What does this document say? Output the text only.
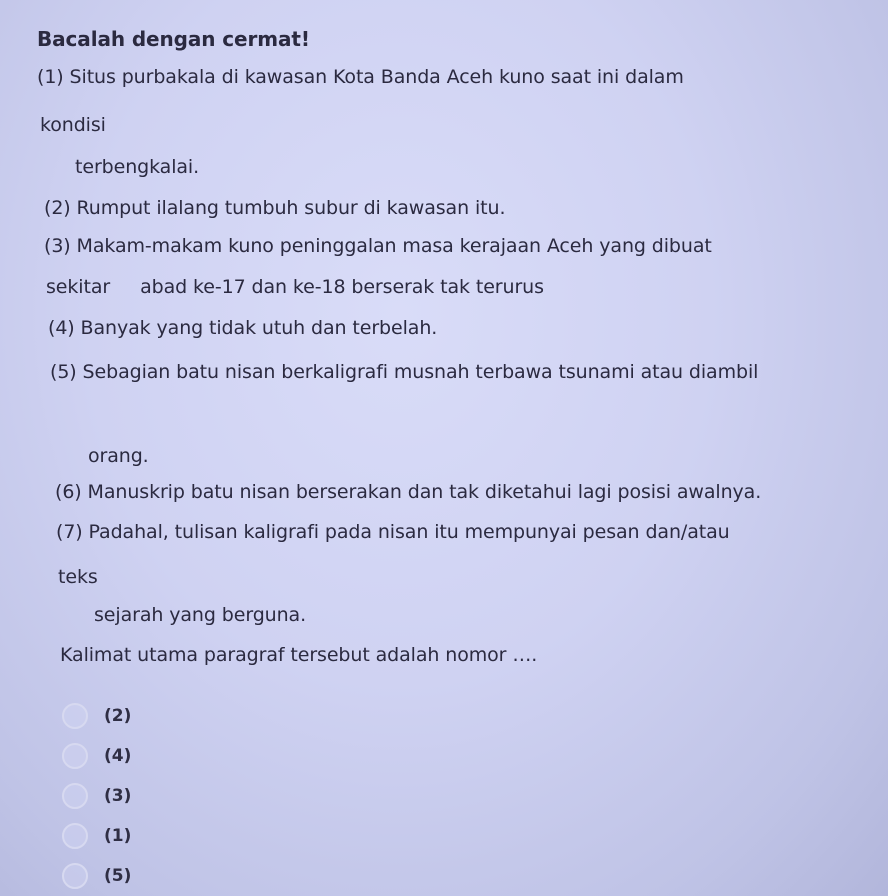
Bacalah dengan cermat!
(1) Situs purbakala di kawasan Kota Banda Aceh kuno saat ini dalam
kondisi
terbengkalai.
(2) Rumput ilalang tumbuh subur di kawasan itu.
(3) Makam-makam kuno peninggalan masa kerajaan Aceh yang dibuat
sekitar abad ke-17 dan ke-18 berserak tak terurus
(4) Banyak yang tidak utuh dan terbelah.
(5) Sebagian batu nisan berkaligrafi musnah terbawa tsunami atau diambil
orang.
(6) Manuskrip batu nisan berserakan dan tak diketahui lagi posisi awalnya.
(7) Padahal, tulisan kaligrafi pada nisan itu mempunyai pesan dan/atau
teks
sejarah yang berguna.
Kalimat utama paragraf tersebut adalah nomor ….
(2)
(4)
(3)
(1)
(5)
